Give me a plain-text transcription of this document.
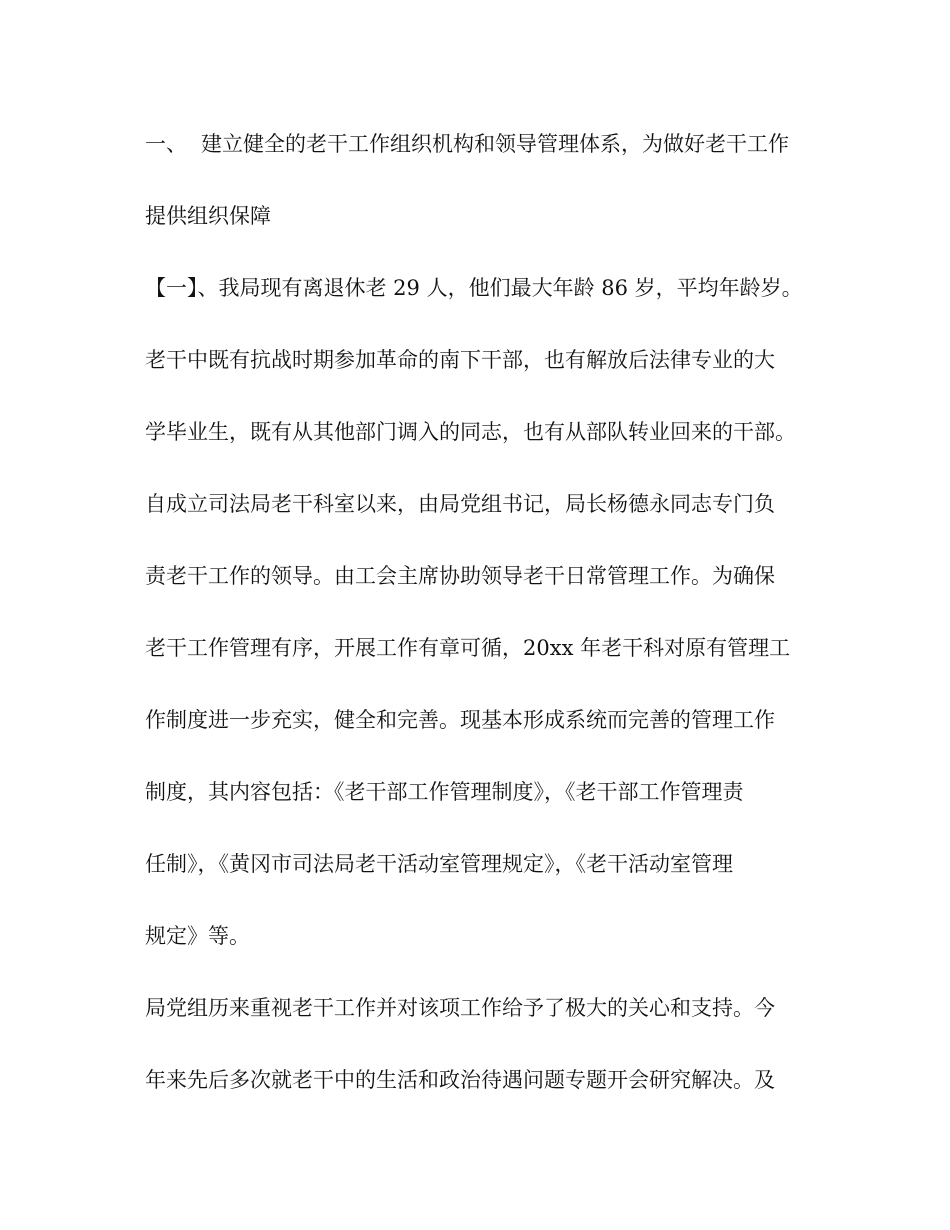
一、 建立健全的老干工作组织机构和领导管理体系，为做好老干工作
提供组织保障
【一】、我局现有离退休老 29 人，他们最大年龄 86 岁，平均年龄岁。
老干中既有抗战时期参加革命的南下干部，也有解放后法律专业的大
学毕业生，既有从其他部门调入的同志，也有从部队转业回来的干部。
自成立司法局老干科室以来，由局党组书记，局长杨德永同志专门负
责老干工作的领导。由工会主席协助领导老干日常管理工作。为确保
老干工作管理有序，开展工作有章可循，20xx 年老干科对原有管理工
作制度进一步充实，健全和完善。现基本形成系统而完善的管理工作
制度，其内容包括：《老干部工作管理制度》，《老干部工作管理责
任制》，《黄冈市司法局老干活动室管理规定》，《老干活动室管理
规定》等。
局党组历来重视老干工作并对该项工作给予了极大的关心和支持。今
年来先后多次就老干中的生活和政治待遇问题专题开会研究解决。及
